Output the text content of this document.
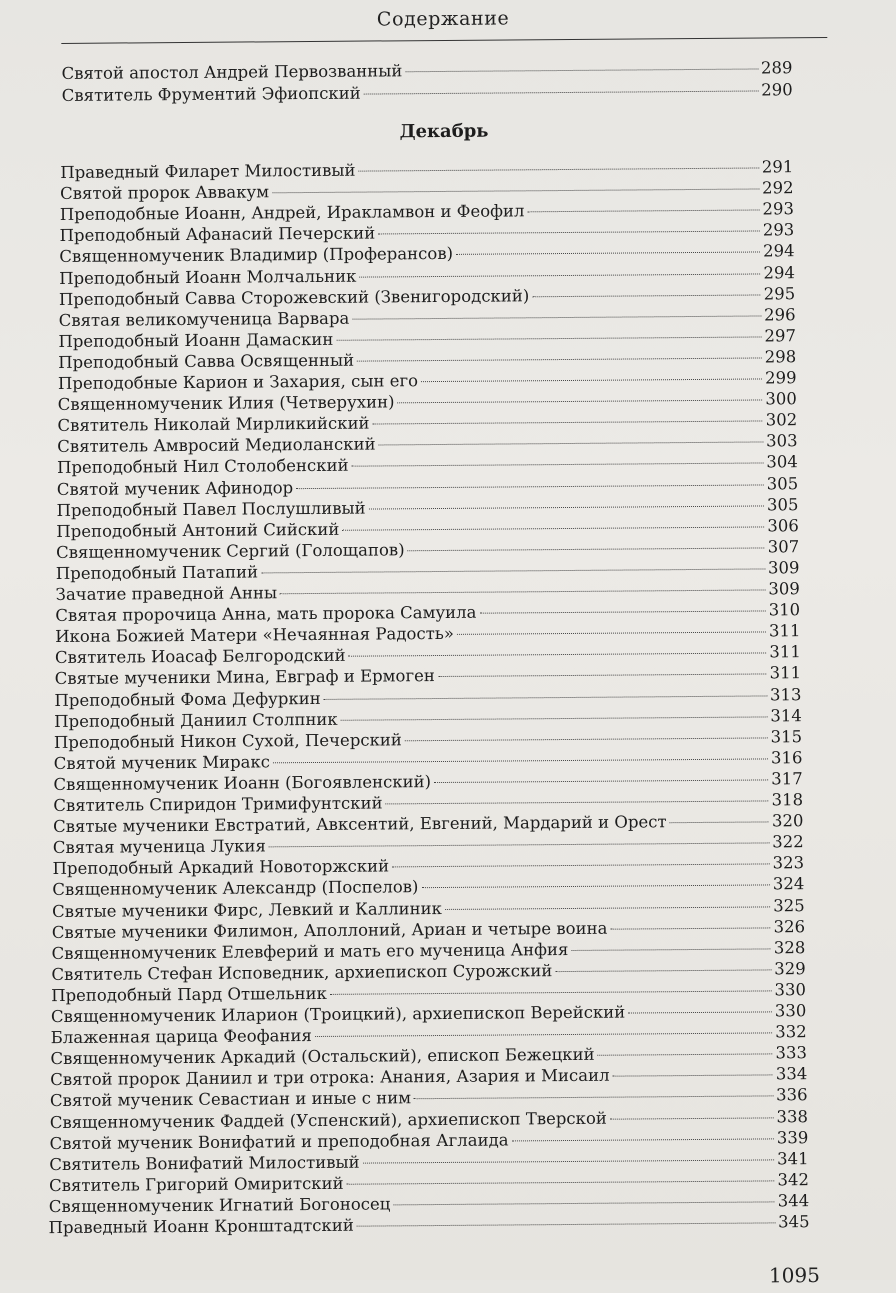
Содержание
Святой апостол Андрей Первозванный	289
Святитель Фрументий Эфиопский	290
Праведный Филарет Милостивый	291
Святой пророк Аввакум	292
Преподобные Иоанн, Андрей, Иракламвон и Феофил	293
Преподобный Афанасий Печерский	293
Священномученик Владимир (Проферансов)	294
Преподобный Иоанн Молчальник	294
Преподобный Савва Сторожевский (Звенигородский)	295
Святая великомученица Варвара	296
Преподобный Иоанн Дамаскин	297
Преподобный Савва Освященный	298
Преподобные Карион и Захария, сын его	299
Священномученик Илия (Четверухин)	300
Святитель Николай Мирликийский	302
Святитель Амвросий Медиоланский	303
Преподобный Нил Столобенский	304
Святой мученик Афинодор	305
Преподобный Павел Послушливый	305
Преподобный Антоний Сийский	306
Священномученик Сергий (Голощапов)	307
Преподобный Патапий	309
Зачатие праведной Анны	309
Святая пророчица Анна, мать пророка Самуила	310
Икона Божией Матери «Нечаянная Радость»	311
Святитель Иоасаф Белгородский	311
Святые мученики Мина, Евграф и Ермоген	311
Преподобный Фома Дефуркин	313
Преподобный Даниил Столпник	314
Преподобный Никон Сухой, Печерский	315
Святой мученик Миракс	316
Священномученик Иоанн (Богоявленский)	317
Святитель Спиридон Тримифунтский	318
Святые мученики Евстратий, Авксентий, Евгений, Мардарий и Орест	320
Святая мученица Лукия	322
Преподобный Аркадий Новоторжский	323
Священномученик Александр (Поспелов)	324
Святые мученики Фирс, Левкий и Каллиник	325
Святые мученики Филимон, Аполлоний, Ариан и четыре воина	326
Священномученик Елевферий и мать его мученица Анфия	328
Святитель Стефан Исповедник, архиепископ Сурожский	329
Преподобный Пард Отшельник	330
Священномученик Иларион (Троицкий), архиепископ Верейский	330
Блаженная царица Феофания	332
Священномученик Аркадий (Остальский), епископ Бежецкий	333
Святой пророк Даниил и три отрока: Анания, Азария и Мисаил	334
Святой мученик Севастиан и иные с ним	336
Священномученик Фаддей (Успенский), архиепископ Тверской	338
Святой мученик Вонифатий и преподобная Аглаида	339
Святитель Вонифатий Милостивый	341
Святитель Григорий Омиритский	342
Священномученик Игнатий Богоносец	344
Праведный Иоанн Кронштадтский	345
Декабрь
1095
